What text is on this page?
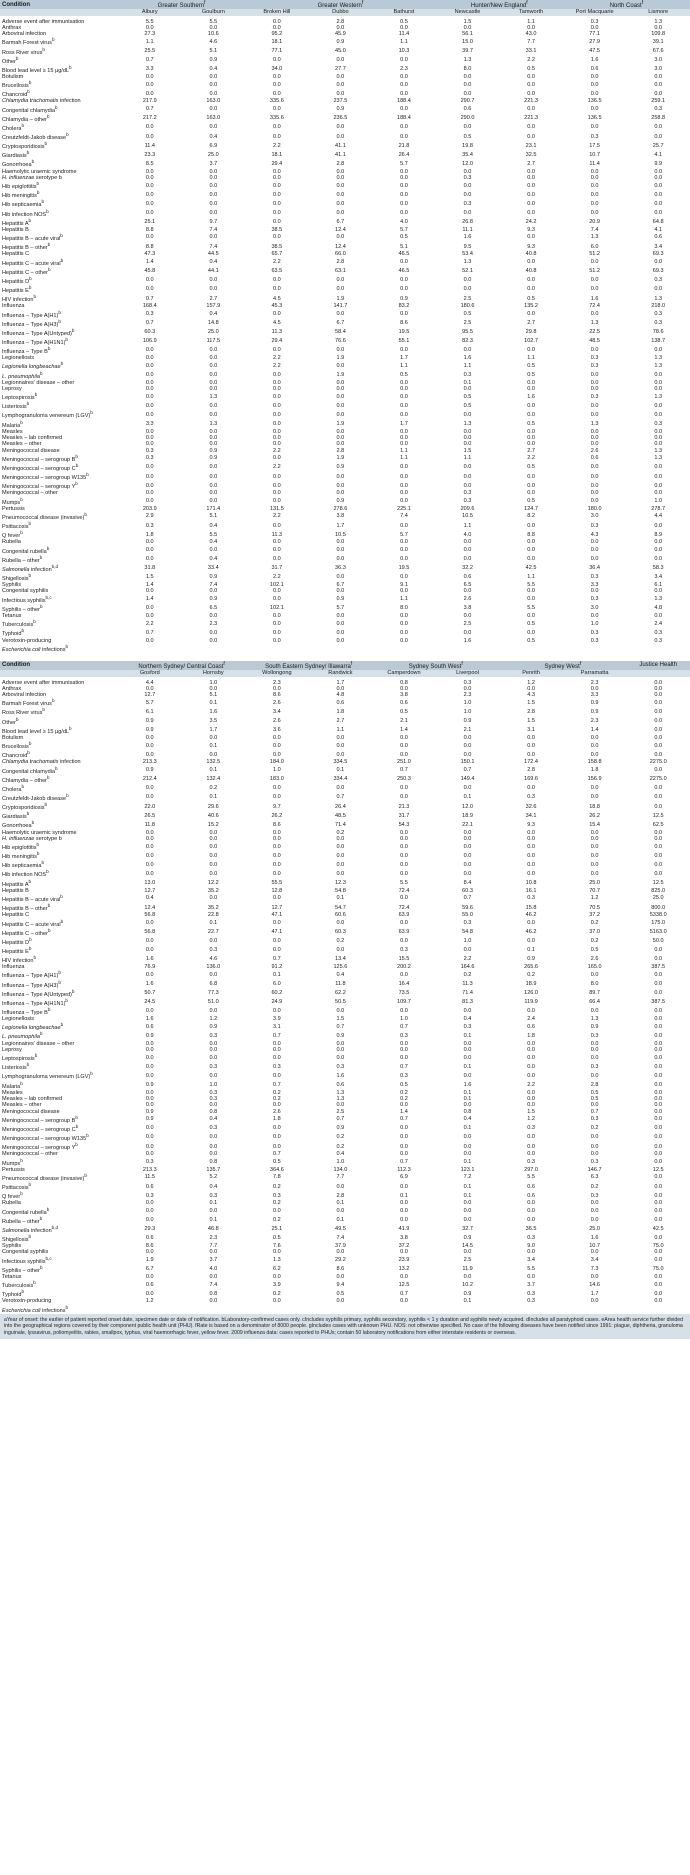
Condition	Greater Southern$^f$		Greater Western$^f$			Hunter/New England$^f$		North Coast$^f$
	Albury	Goulburn	Broken Hill	Dubbo	Bathurst	Newcastle	Tamworth	Port Macquarie	Lismore

Adverse event after immunisation	5.5	5.5	0.0	2.8	0.5	1.5	1.1	0.3	1.3
Anthrax	0.0	0.0	0.0	0.0	0.0	0.0	0.0	0.0	0.0
Arboviral infection	27.3	10.6	95.2	45.9	11.4	56.1	43.0	77.1	109.8
Barmah Forest virus$^b$	1.1	4.6	18.1	0.9	1.1	15.0	7.7	27.9	39.1
Ross River virus$^b$	25.5	5.1	77.1	45.0	10.3	39.7	33.1	47.5	67.6
Other$^b$	0.7	0.9	0.0	0.0	0.0	1.3	2.2	1.6	3.0
Blood lead level ≥ 15 $\mu g/dL^b$	3.3	0.4	34.0	27.7	2.3	8.0	0.5	0.6	3.0
Botulism	0.0	0.0	0.0	0.0	0.0	0.0	0.0	0.0	0.0
Brucellosis$^b$	0.0	0.0	0.0	0.0	0.0	0.0	0.0	0.0	0.0
Chancroid$^b$	0.0	0.0	0.0	0.0	0.0	0.0	0.0	0.0	0.0
Chlamydia trachomatis infection	217.9	163.0	335.6	237.5	188.4	290.7	221.3	136.5	259.1
Congenital chlamydia$^b$	0.7	0.0	0.0	0.9	0.0	0.6	0.0	0.0	0.3
Chlamydia – other$^b$	217.2	163.0	335.6	236.5	188.4	290.0	221.3	136.5	258.8
Cholera$^b$	0.0	0.0	0.0	0.0	0.0	0.0	0.0	0.0	0.0
Creutzfeldt-Jakob disease$^b$	0.0	0.4	0.0	0.0	0.0	0.5	0.0	0.3	0.0
Cryptosporidiosis$^b$	11.4	6.9	2.2	41.1	21.8	19.8	23.1	17.5	25.7
Giardiasis$^b$	23.3	25.0	18.1	41.1	26.4	35.4	32.5	10.7	4.1
Gonorrhoea$^b$	8.5	3.7	29.4	2.8	5.7	12.0	2.7	11.4	9.9
Haemolytic uraemic syndrome	0.0	0.0	0.0	0.0	0.0	0.0	0.0	0.0	0.0
H. influenzae serotype b	0.0	0.0	0.0	0.0	0.0	0.3	0.0	0.0	0.0
Hib epiglottitis$^b$	0.0	0.0	0.0	0.0	0.0	0.0	0.0	0.0	0.0
Hib meningitis$^b$	0.0	0.0	0.0	0.0	0.0	0.0	0.0	0.0	0.0
Hib septicaemia$^b$	0.0	0.0	0.0	0.0	0.0	0.3	0.0	0.0	0.0
Hib infection NOS$^b$	0.0	0.0	0.0	0.0	0.0	0.0	0.0	0.0	0.0
Hepatitis $A^b$	25.1	9.7	0.0	6.7	4.0	26.8	24.2	20.9	64.8
Hepatitis B	8.8	7.4	38.5	12.4	5.7	11.1	9.3	7.4	4.1
Hepatitis B – acute viral$^b$	0.0	0.0	0.0	0.0	0.5	1.6	0.0	1.3	0.6
Hepatitis B – other$^b$	8.8	7.4	38.5	12.4	5.1	9.5	9.3	6.0	3.4
Hepatitis C	47.3	44.5	65.7	66.0	46.5	53.4	40.8	51.2	69.3
Hepatitis C – acute viral$^b$	1.4	0.4	2.2	2.8	0.0	1.3	0.0	0.0	0.0
Hepatitis C – other$^b$	45.8	44.1	63.5	63.1	46.5	52.1	40.8	51.2	69.3
Hepatitis $D^b$	0.0	0.0	0.0	0.0	0.0	0.0	0.0	0.0	0.3
Hepatitis $E^b$	0.0	0.0	0.0	0.0	0.0	0.0	0.0	0.0	0.0
HIV infection$^b$	0.7	2.7	4.5	1.9	0.9	2.5	0.5	1.6	1.3
Influenza	168.4	157.9	45.3	141.7	83.2	180.6	135.2	72.4	218.0
Influenza – Type $A(H1)^b$	0.3	0.4	0.0	0.0	0.0	0.5	0.0	0.0	0.3
Influenza – Type $A(H3)^b$	0.7	14.8	4.5	6.7	8.6	2.5	2.7	1.3	0.3
Influenza – Type A(Untyped)$^b$	60.3	25.0	11.3	58.4	19.5	95.5	29.8	22.5	78.6
Influenza – Type $A(H1N1)^b$	106.9	117.5	29.4	76.6	55.1	82.3	102.7	48.5	138.7
Influenza – Type $B^b$	0.0	0.0	0.0	0.0	0.0	0.0	0.0	0.0	0.0
Legionellosis	0.0	0.0	2.2	1.9	1.7	1.6	1.1	0.3	1.3
Legionella longbeachae$^b$	0.0	0.0	2.2	0.0	1.1	1.1	0.5	0.3	1.3
L. pneumophila$^b$	0.0	0.0	0.0	1.9	0.5	0.3	0.5	0.0	0.0
Legionnaires' disease – other	0.0	0.0	0.0	0.0	0.0	0.1	0.0	0.0	0.0
Leprosy	0.0	0.0	0.0	0.0	0.0	0.0	0.0	0.0	0.0
Leptospirosis$^b$	0.0	1.3	0.0	0.0	0.0	0.5	1.6	0.3	1.3
Listeriosis$^b$	0.0	0.0	0.0	0.0	0.0	0.5	0.0	0.0	0.0
Lymphogranuloma venereum (LGV)$^b$	0.0	0.0	0.0	0.0	0.0	0.0	0.0	0.0	0.0
Malaria$^b$	3.3	1.3	0.0	1.9	1.7	1.3	0.5	1.3	0.3
Measles	0.0	0.0	0.0	0.0	0.0	0.0	0.0	0.0	0.0
Measles – lab confirmed	0.0	0.0	0.0	0.0	0.0	0.0	0.0	0.0	0.0
Measles – other	0.0	0.0	0.0	0.0	0.0	0.0	0.0	0.0	0.0
Meningococcal disease	0.3	0.9	2.2	2.8	1.1	1.5	2.7	2.6	1.3
Meningococcal – serogroup $B^b$	0.3	0.9	0.0	1.9	1.1	1.1	2.2	0.6	1.3
Meningococcal – serogroup $C^b$	0.0	0.0	2.2	0.9	0.0	0.0	0.5	0.0	0.0
Meningococcal – serogroup W135$^b$	0.0	0.0	0.0	0.0	0.0	0.0	0.0	0.0	0.0
Meningococcal – serogroup $Y^b$	0.0	0.0	0.0	0.0	0.0	0.0	0.0	0.0	0.0
Meningococcal – other	0.0	0.0	0.0	0.0	0.0	0.3	0.0	0.0	0.0
Mumps$^b$	0.0	0.0	0.0	0.9	0.0	0.3	0.5	0.0	1.0
Pertussis	203.9	171.4	131.5	278.6	225.1	209.6	124.7	180.0	278.7
Pneumococcal disease (invasive)$^b$	2.9	5.1	2.2	3.8	7.4	10.5	8.2	3.0	4.4
Psittacosis$^b$	0.3	0.4	0.0	1.7	0.0	1.1	0.0	0.3	0.0
Q fever$^b$	1.8	5.5	11.3	10.5	5.7	4.0	8.8	4.3	8.9
Rubella	0.0	0.4	0.0	0.0	0.0	0.0	0.0	0.0	0.0
Congenital rubella$^b$	0.0	0.0	0.0	0.0	0.0	0.0	0.0	0.0	0.0
Rubella – other$^b$	0.0	0.4	0.0	0.0	0.0	0.0	0.0	0.0	0.0
Salmonella infection$^{b,d}$	31.8	33.4	31.7	36.3	19.5	32.2	42.5	36.4	58.3
Shigellosis$^b$	1.5	0.9	2.2	0.0	0.0	0.6	1.1	0.3	3.4
Syphilis	1.4	7.4	102.1	6.7	9.1	6.5	5.5	3.3	6.1
Congenital syphilis	0.0	0.0	0.0	0.0	0.0	0.0	0.0	0.0	0.0
Infectious syphilis$^{b,c}$	1.4	0.9	0.0	0.9	1.1	2.6	0.0	0.3	1.3
Syphilis – other$^b$	0.0	6.5	102.1	5.7	8.0	3.8	5.5	3.0	4.8
Tetanus	0.0	0.0	0.0	0.0	0.0	0.0	0.0	0.0	0.0
Tuberculosis$^b$	2.2	2.3	0.0	0.0	0.0	2.5	0.5	1.0	2.4
Typhoid$^b$	0.7	0.0	0.0	0.0	0.0	0.0	0.0	0.3	0.3
Verotoxin-producing	0.0	0.0	0.0	0.0	0.0	1.6	0.5	0.3	0.3
Escherichia coli infections$^b$									
Condition	Northern Sydney/ Central Coast$^f$		South Eastern Sydney/ Illawarra$^f$		Sydney South West$^f$		Sydney West$^f$		Justice Health
	Gosford	Hornsby	Wollongong	Randwick	Camperdown	Liverpool	Penrith	Parramatta	

Adverse event after immunisation	4.4	1.0	2.3	1.7	0.8	0.3	1.2	2.3	0.0
Anthrax	0.0	0.0	0.0	0.0	0.0	0.0	0.0	0.0	0.0
Arboviral infection	12.7	5.1	8.6	4.8	3.8	2.3	4.3	3.3	0.0
Barmah Forest virus$^b$	5.7	0.1	2.6	0.6	0.6	1.0	1.5	0.9	0.0
Ross River virus$^b$	6.1	1.6	3.4	1.8	0.5	1.0	2.8	0.9	0.0
Other$^b$	0.9	3.5	2.6	2.7	2.1	0.9	1.5	2.3	0.0
Blood lead level ≥ 15 $\mu g/dL^b$	0.9	1.7	3.6	1.1	1.4	2.1	3.1	1.4	0.0
Botulism	0.0	0.0	0.0	0.0	0.0	0.0	0.0	0.0	0.0
Brucellosis$^b$	0.0	0.1	0.0	0.0	0.0	0.0	0.0	0.0	0.0
Chancroid$^b$	0.0	0.0	0.0	0.0	0.0	0.0	0.0	0.0	0.0
Chlamydia trachomatis infection	213.3	132.5	184.0	334.5	251.0	150.1	172.4	158.8	2275.0
Congenital chlamydia$^b$	0.9	0.1	1.0	0.1	0.7	0.7	2.8	1.8	0.0
Chlamydia – other$^b$	212.4	132.4	183.0	334.4	250.3	149.4	169.6	156.9	2275.0
Cholera$^b$	0.0	0.2	0.0	0.0	0.0	0.0	0.0	0.0	0.0
Creutzfeldt-Jakob disease$^b$	0.0	0.1	0.0	0.7	0.0	0.1	0.3	0.0	0.0
Cryptosporidiosis$^b$	22.0	29.6	9.7	26.4	21.3	12.0	32.6	18.8	0.0
Giardiasis$^b$	26.5	40.6	26.2	48.5	31.7	18.9	34.1	26.2	12.5
Gonorrhoea$^b$	11.8	15.2	8.6	71.4	54.3	22.1	9.3	15.4	62.5
Haemolytic uraemic syndrome	0.0	0.0	0.0	0.2	0.0	0.0	0.0	0.0	0.0
H. influenzae serotype b	0.0	0.0	0.0	0.0	0.0	0.0	0.0	0.0	0.0
Hib epiglottitis$^b$	0.0	0.0	0.0	0.0	0.0	0.0	0.0	0.0	0.0
Hib meningitis$^b$	0.0	0.0	0.0	0.0	0.0	0.0	0.0	0.0	0.0
Hib septicaemia$^b$	0.0	0.0	0.0	0.0	0.0	0.0	0.0	0.0	0.0
Hib infection NOS$^b$	0.0	0.0	0.0	0.0	0.0	0.0	0.0	0.0	0.0
Hepatitis $A^b$	13.0	12.2	55.5	12.3	5.5	8.4	10.8	25.0	12.5
Hepatitis B	12.7	35.2	12.8	54.8	72.4	60.3	16.1	70.7	825.0
Hepatitis B – acute viral$^b$	0.4	0.0	0.0	0.1	0.0	0.7	0.3	1.2	25.0
Hepatitis B – other$^b$	12.4	35.2	12.7	54.7	72.4	59.6	15.8	70.5	800.0
Hepatitis C	56.8	22.8	47.1	60.6	63.9	55.0	46.2	37.2	5338.0
Hepatitis C – acute viral$^b$	0.0	0.1	0.0	0.0	0.0	0.3	0.0	0.2	175.0
Hepatitis C – other$^b$	56.8	22.7	47.1	60.3	63.9	54.8	46.2	37.0	5163.0
Hepatitis $D^b$	0.0	0.0	0.0	0.2	0.0	1.0	0.0	0.2	50.0
Hepatitis $E^b$	0.0	0.3	0.0	0.0	0.3	0.0	0.1	0.5	0.0
HIV infection$^b$	1.6	4.6	0.7	13.4	15.5	2.2	0.9	2.6	0.0
Influenza	76.9	136.0	91.2	125.6	200.2	164.6	265.6	165.0	387.5
Influenza – Type $A(H1)^b$	0.0	0.0	0.1	0.4	0.0	0.2	0.2	0.0	0.0
Influenza – Type $A(H3)^b$	1.6	6.8	6.0	11.8	16.4	11.3	18.9	8.0	0.0
Influenza – Type A(Untyped)$^b$	50.7	77.3	60.2	62.2	73.5	71.4	126.0	89.7	0.0
Influenza – Type $A(H1N1)^b$	24.5	51.0	24.9	50.5	109.7	81.3	119.9	66.4	387.5
Influenza – Type $B^b$	0.0	0.0	0.0	0.0	0.0	0.0	0.0	0.0	0.0
Legionellosis	1.6	1.2	3.9	1.5	1.0	0.4	2.4	1.3	0.0
Legionella longbeachae$^b$	0.6	0.9	3.1	0.7	0.7	0.3	0.6	0.9	0.0
L. pneumophila$^b$	0.9	0.3	0.7	0.9	0.3	0.1	1.8	0.3	0.0
Legionnaires' disease – other	0.0	0.0	0.0	0.0	0.0	0.0	0.0	0.0	0.0
Leprosy	0.0	0.0	0.0	0.0	0.0	0.0	0.0	0.0	0.0
Leptospirosis$^b$	0.0	0.0	0.0	0.0	0.0	0.0	0.0	0.0	0.0
Listeriosis$^b$	0.0	0.3	0.3	0.3	0.7	0.1	0.0	0.3	0.0
Lymphogranuloma venereum (LGV)$^b$	0.0	0.0	0.0	1.6	0.3	0.0	0.0	0.0	0.0
Malaria$^b$	0.9	1.0	0.7	0.6	0.5	1.6	2.2	2.8	0.0
Measles	0.0	0.3	0.2	1.3	0.2	0.1	0.0	0.5	0.0
Measles – lab confirmed	0.0	0.3	0.2	1.3	0.2	0.1	0.0	0.5	0.0
Measles – other	0.0	0.0	0.0	0.0	0.0	0.0	0.0	0.0	0.0
Meningococcal disease	0.9	0.8	2.6	2.5	1.4	0.8	1.5	0.7	0.0
Meningococcal – serogroup $B^b$	0.9	0.4	1.8	0.7	0.7	0.4	1.2	0.3	0.0
Meningococcal – serogroup $C^b$	0.0	0.3	0.0	0.9	0.0	0.1	0.3	0.2	0.0
Meningococcal – serogroup W135$^b$	0.0	0.0	0.0	0.2	0.0	0.0	0.0	0.0	0.0
Meningococcal – serogroup $Y^b$	0.0	0.0	0.0	0.2	0.0	0.0	0.0	0.0	0.0
Meningococcal – other	0.0	0.0	0.7	0.4	0.0	0.0	0.0	0.0	0.0
Mumps$^b$	0.3	0.8	0.5	1.0	0.7	0.1	0.3	0.3	0.0
Pertussis	213.3	135.7	364.6	134.0	112.3	123.1	297.0	146.7	12.5
Pneumococcal disease (invasive)$^b$	11.5	5.2	7.8	7.7	6.9	7.2	5.5	6.3	0.0
Psittacosis$^b$	0.6	0.4	0.2	0.0	0.0	0.1	0.6	0.2	0.0
Q fever$^b$	0.3	0.3	0.3	2.8	0.1	0.1	0.6	0.3	0.0
Rubella	0.0	0.1	0.2	0.1	0.0	0.0	0.0	0.0	0.0
Congenital rubella$^b$	0.0	0.0	0.0	0.0	0.0	0.0	0.0	0.0	0.0
Rubella – other$^b$	0.0	0.1	0.2	0.1	0.0	0.0	0.0	0.0	0.0
Salmonella infection$^{b,d}$	29.3	46.8	25.1	49.5	41.9	32.7	36.5	25.0	42.5
Shigellosis$^b$	0.6	2.3	0.5	7.4	3.8	0.9	0.3	1.6	0.0
Syphilis	8.6	7.7	7.6	37.9	37.2	14.5	9.0	10.7	75.0
Congenital syphilis	0.0	0.0	0.0	0.0	0.0	0.0	0.0	0.0	0.0
Infectious syphilis$^{b,c}$	1.9	3.7	1.3	29.2	23.9	2.5	3.4	3.4	0.0
Syphilis – other$^b$	6.7	4.0	6.2	8.6	13.2	11.9	5.5	7.3	75.0
Tetanus	0.0	0.0	0.0	0.0	0.0	0.0	0.0	0.0	0.0
Tuberculosis$^b$	0.6	7.4	3.9	9.4	12.5	10.2	3.7	14.6	0.0
Typhoid$^b$	0.0	0.8	0.2	0.5	0.7	0.9	0.3	1.7	0.0
Verotoxin-producing	1.2	0.0	0.0	0.0	0.0	0.1	0.3	0.0	0.0
Escherichia coli infections$^b$									
aYear of onset: the earlier of patient reported onset date, specimen date or date of notification. bLaboratory-confirmed cases only. cIncludes syphilis primary, syphilis secondary, syphilis < 1 y duration and syphilis newly acquired. dIncludes all paratyphoid cases. eArea health service further divided into the geographical regions covered by their component public health unit (PHU). fRate is based on a denominator of 8000 people. gIncludes cases with unknown PHU. NOS: not otherwise specified. No case of the following diseases have been notified since 1991: plague, diphtheria, granuloma inguinale, lyssavirus, poliomyelitis, rabies, smallpox, typhus, viral haemorrhagic fever, yellow fever. 2009 influenza data: cases reported to PHUs; contain 50 laboratory notifications from either interstate residents or overseas.
